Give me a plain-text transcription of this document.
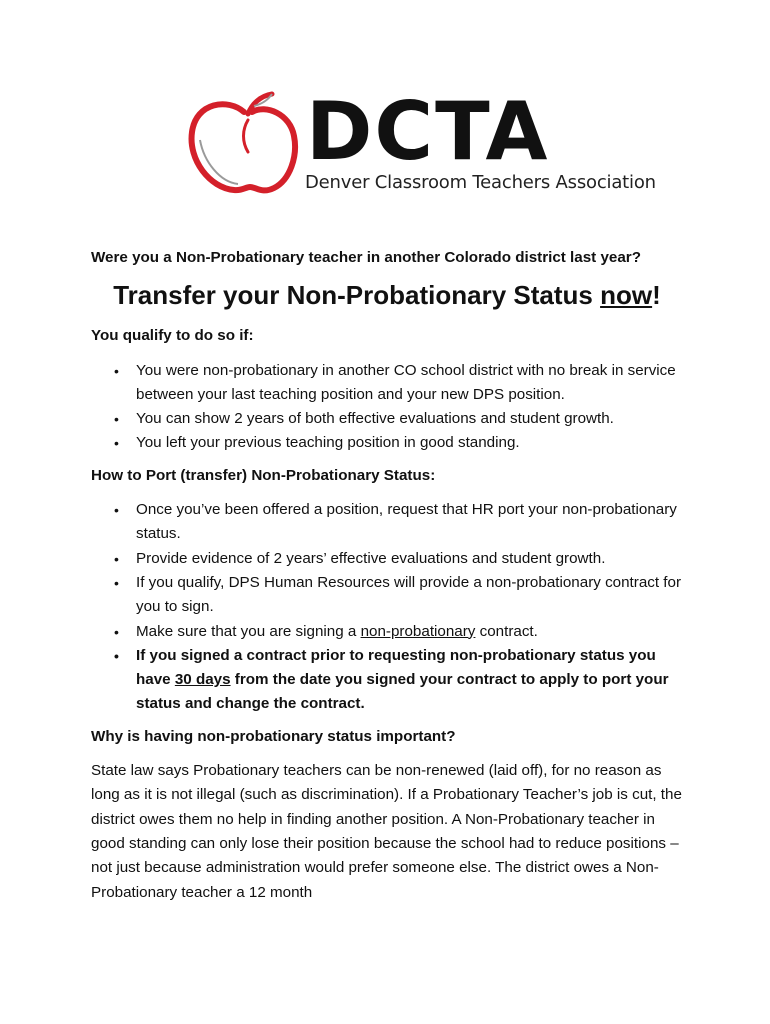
DCTA
Denver Classroom Teachers Association

Were you a Non-Probationary teacher in another Colorado district last year?

Transfer your Non-Probationary Status now!

You qualify to do so if:

• You were non-probationary in another CO school district with no break in service between your last teaching position and your new DPS position.
• You can show 2 years of both effective evaluations and student growth.
• You left your previous teaching position in good standing.

How to Port (transfer) Non-Probationary Status:

• Once you’ve been offered a position, request that HR port your non-probationary status.
• Provide evidence of 2 years’ effective evaluations and student growth.
• If you qualify, DPS Human Resources will provide a non-probationary contract for you to sign.
• Make sure that you are signing a non-probationary contract.
• If you signed a contract prior to requesting non-probationary status you have 30 days from the date you signed your contract to apply to port your status and change the contract.

Why is having non-probationary status important?

State law says Probationary teachers can be non-renewed (laid off), for no reason as long as it is not illegal (such as discrimination). If a Probationary Teacher’s job is cut, the district owes them no help in finding another position. A Non-Probationary teacher in good standing can only lose their position because the school had to reduce positions – not just because administration would prefer someone else. The district owes a Non-Probationary teacher a 12 month
